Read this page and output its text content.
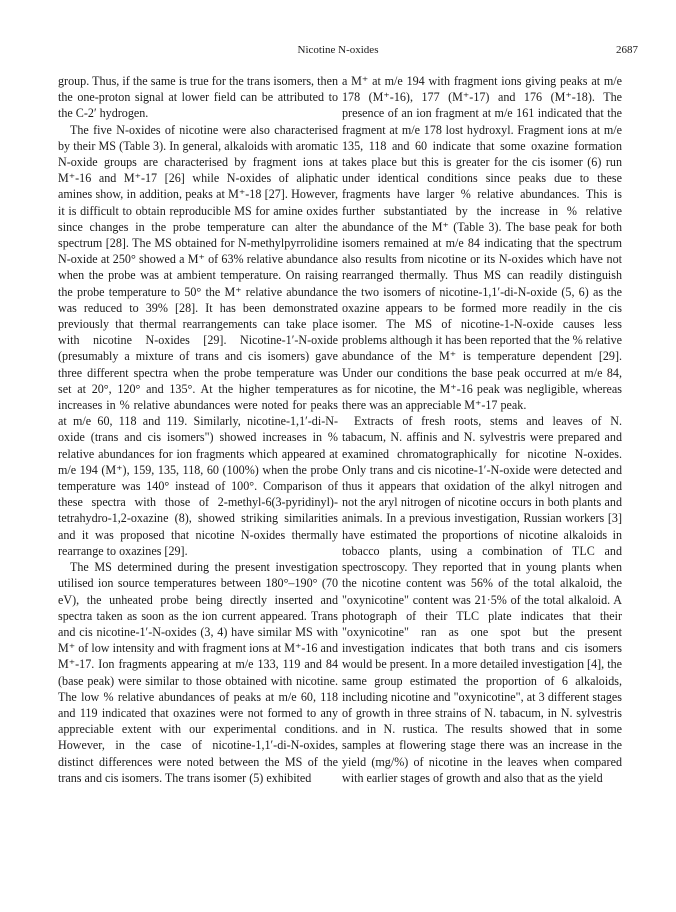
Nicotine N-oxides	2687

group. Thus, if the same is true for the trans isomers, then the one-proton signal at lower field can be attributed to the C-2′ hydrogen.

The five N-oxides of nicotine were also characterised by their MS (Table 3). In general, alkaloids with aromatic N-oxide groups are characterised by fragment ions at M⁺-16 and M⁺-17 [26] while N-oxides of aliphatic amines show, in addition, peaks at M⁺-18 [27]. However, it is difficult to obtain reproducible MS for amine oxides since changes in the probe temperature can alter the spectrum [28]. The MS obtained for N-methylpyrrolidine N-oxide at 250° showed a M⁺ of 63% relative abundance when the probe was at ambient temperature. On raising the probe temperature to 50° the M⁺ relative abundance was reduced to 39% [28]. It has been demonstrated previously that thermal rearrangements can take place with nicotine N-oxides [29]. Nicotine-1′-N-oxide (presumably a mixture of trans and cis isomers) gave three different spectra when the probe temperature was set at 20°, 120° and 135°. At the higher temperatures increases in % relative abundances were noted for peaks at m/e 60, 118 and 119. Similarly, nicotine-1,1′-di-N-oxide (trans and cis isomers") showed increases in % relative abundances for ion fragments which appeared at m/e 194 (M⁺), 159, 135, 118, 60 (100%) when the probe temperature was 140° instead of 100°. Comparison of these spectra with those of 2-methyl-6(3-pyridinyl)-tetrahydro-1,2-oxazine (8), showed striking similarities and it was proposed that nicotine N-oxides thermally rearrange to oxazines [29].

The MS determined during the present investigation utilised ion source temperatures between 180°–190° (70 eV), the unheated probe being directly inserted and spectra taken as soon as the ion current appeared. Trans and cis nicotine-1′-N-oxides (3, 4) have similar MS with M⁺ of low intensity and with fragment ions at M⁺-16 and M⁺-17. Ion fragments appearing at m/e 133, 119 and 84 (base peak) were similar to those obtained with nicotine. The low % relative abundances of peaks at m/e 60, 118 and 119 indicated that oxazines were not formed to any appreciable extent with our experimental conditions. However, in the case of nicotine-1,1′-di-N-oxides, distinct differences were noted between the MS of the trans and cis isomers. The trans isomer (5) exhibited

a M⁺ at m/e 194 with fragment ions giving peaks at m/e 178 (M⁺-16), 177 (M⁺-17) and 176 (M⁺-18). The presence of an ion fragment at m/e 161 indicated that the fragment at m/e 178 lost hydroxyl. Fragment ions at m/e 135, 118 and 60 indicate that some oxazine formation takes place but this is greater for the cis isomer (6) run under identical conditions since peaks due to these fragments have larger % relative abundances. This is further substantiated by the increase in % relative abundance of the M⁺ (Table 3). The base peak for both isomers remained at m/e 84 indicating that the spectrum also results from nicotine or its N-oxides which have not rearranged thermally. Thus MS can readily distinguish the two isomers of nicotine-1,1′-di-N-oxide (5, 6) as the oxazine appears to be formed more readily in the cis isomer. The MS of nicotine-1-N-oxide causes less problems although it has been reported that the % relative abundance of the M⁺ is temperature dependent [29]. Under our conditions the base peak occurred at m/e 84, as for nicotine, the M⁺-16 peak was negligible, whereas there was an appreciable M⁺-17 peak.

Extracts of fresh roots, stems and leaves of N. tabacum, N. affinis and N. sylvestris were prepared and examined chromatographically for nicotine N-oxides. Only trans and cis nicotine-1′-N-oxide were detected and thus it appears that oxidation of the alkyl nitrogen and not the aryl nitrogen of nicotine occurs in both plants and animals. In a previous investigation, Russian workers [3] have estimated the proportions of nicotine alkaloids in tobacco plants, using a combination of TLC and spectroscopy. They reported that in young plants when the nicotine content was 56% of the total alkaloid, the "oxynicotine" content was 21·5% of the total alkaloid. A photograph of their TLC plate indicates that their "oxynicotine" ran as one spot but the present investigation indicates that both trans and cis isomers would be present. In a more detailed investigation [4], the same group estimated the proportion of 6 alkaloids, including nicotine and "oxynicotine", at 3 different stages of growth in three strains of N. tabacum, in N. sylvestris and in N. rustica. The results showed that in some samples at flowering stage there was an increase in the yield (mg/%) of nicotine in the leaves when compared with earlier stages of growth and also that as the yield
